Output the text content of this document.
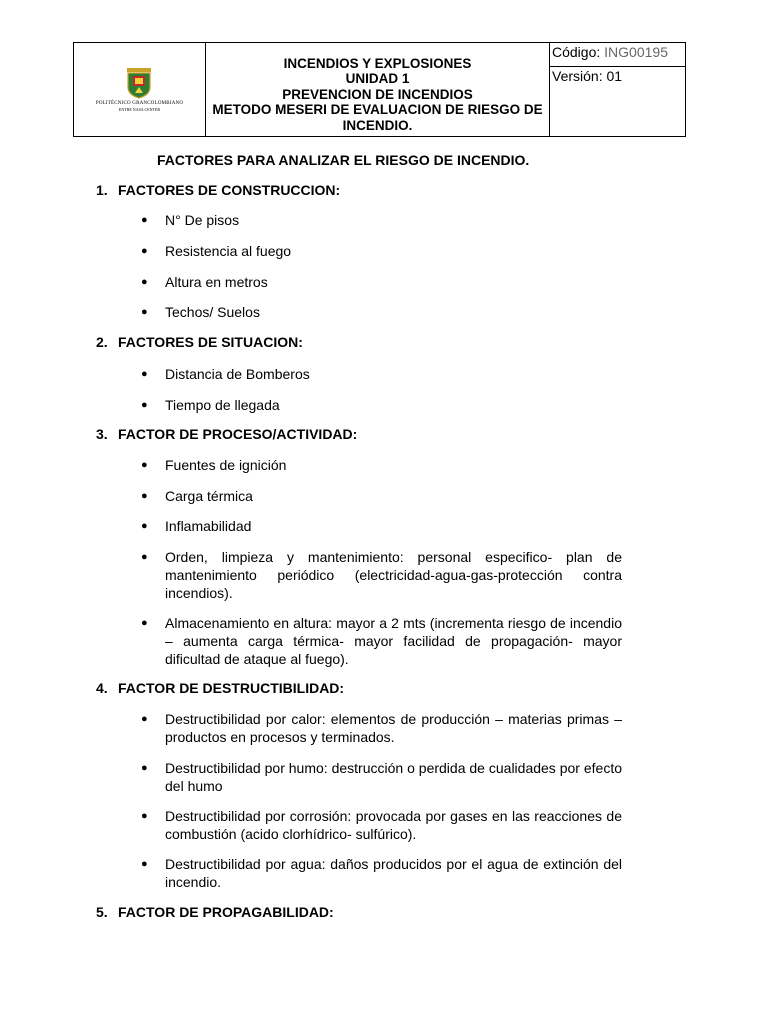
POLITÉCNICO GRANCOLOMBIANO
ENTRE NASA CENTER

INCENDIOS Y EXPLOSIONES
UNIDAD 1
PREVENCION DE INCENDIOS
METODO MESERI DE EVALUACION DE RIESGO DE INCENDIO.

Código: ING00195
Versión: 01

FACTORES PARA ANALIZAR EL RIESGO DE INCENDIO.
1. FACTORES DE CONSTRUCCION:
● N° De pisos
● Resistencia al fuego
● Altura en metros
● Techos/ Suelos
2. FACTORES DE SITUACION:
● Distancia de Bomberos
● Tiempo de llegada
3. FACTOR DE PROCESO/ACTIVIDAD:
● Fuentes de ignición
● Carga térmica
● Inflamabilidad
● Orden, limpieza y mantenimiento: personal especifico- plan de mantenimiento periódico (electricidad-agua-gas-protección contra incendios).
● Almacenamiento en altura: mayor a 2 mts (incrementa riesgo de incendio – aumenta carga térmica- mayor facilidad de propagación- mayor dificultad de ataque al fuego).
4. FACTOR DE DESTRUCTIBILIDAD:
● Destructibilidad por calor: elementos de producción – materias primas – productos en procesos y terminados.
● Destructibilidad por humo: destrucción o perdida de cualidades por efecto del humo
● Destructibilidad por corrosión: provocada por gases en las reacciones de combustión (acido clorhídrico- sulfúrico).
● Destructibilidad por agua: daños producidos por el agua de extinción del incendio.
5. FACTOR DE PROPAGABILIDAD:
